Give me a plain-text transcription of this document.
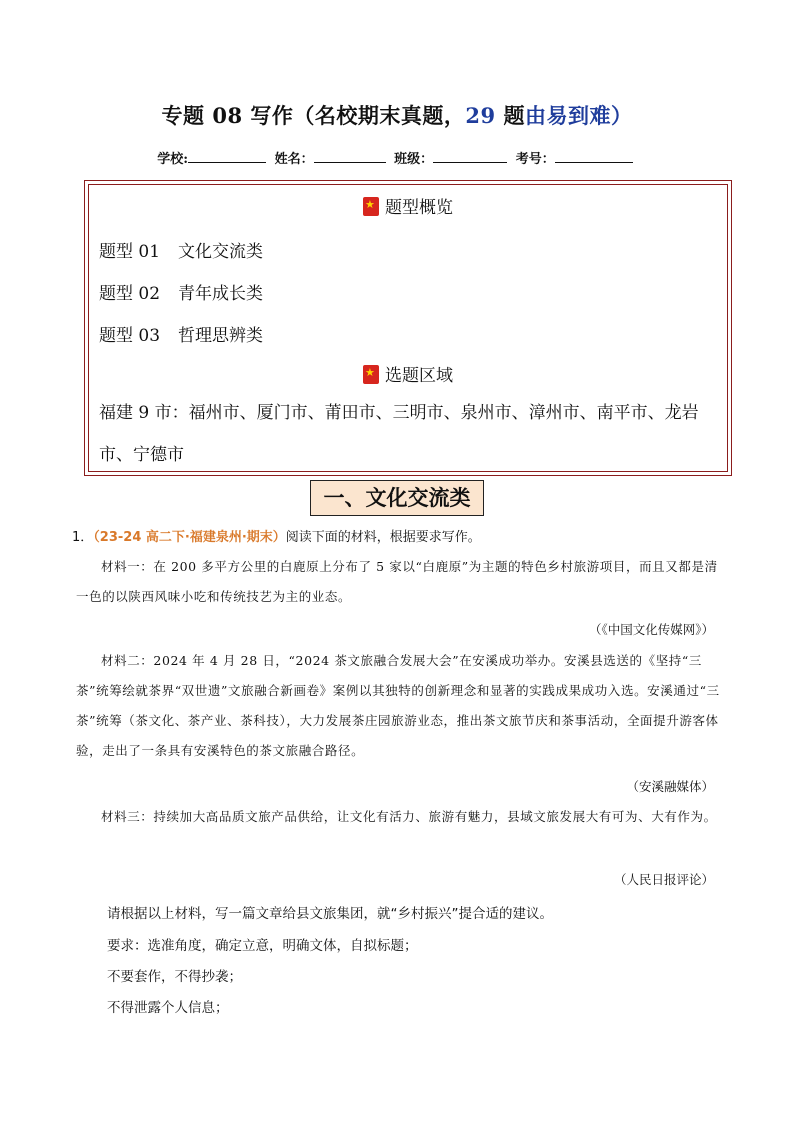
专题 08 写作（名校期末真题，29 题由易到难）
学校:	姓名：	班级：	考号：
★ 题型概览
题型 01 文化交流类
题型 02 青年成长类
题型 03 哲理思辨类
★ 选题区域
福建 9 市：福州市、厦门市、莆田市、三明市、泉州市、漳州市、南平市、龙岩市、宁德市
一、文化交流类
1．（23-24 高二下·福建泉州·期末）阅读下面的材料，根据要求写作。
材料一：在 200 多平方公里的白鹿原上分布了 5 家以“白鹿原”为主题的特色乡村旅游项目，而且又都是清一色的以陕西风味小吃和传统技艺为主的业态。
（《中国文化传媒网》）
材料二：2024 年 4 月 28 日，“2024 茶文旅融合发展大会”在安溪成功举办。安溪县选送的《坚持“三茶”统筹绘就茶界“双世遗”文旅融合新画卷》案例以其独特的创新理念和显著的实践成果成功入选。安溪通过“三茶”统筹（茶文化、茶产业、茶科技），大力发展茶庄园旅游业态，推出茶文旅节庆和茶事活动，全面提升游客体验，走出了一条具有安溪特色的茶文旅融合路径。
（安溪融媒体）
材料三：持续加大高品质文旅产品供给，让文化有活力、旅游有魅力，县域文旅发展大有可为、大有作为。
（人民日报评论）
请根据以上材料，写一篇文章给县文旅集团，就“乡村振兴”提合适的建议。
要求：选准角度，确定立意，明确文体，自拟标题；
不要套作，不得抄袭；
不得泄露个人信息；
